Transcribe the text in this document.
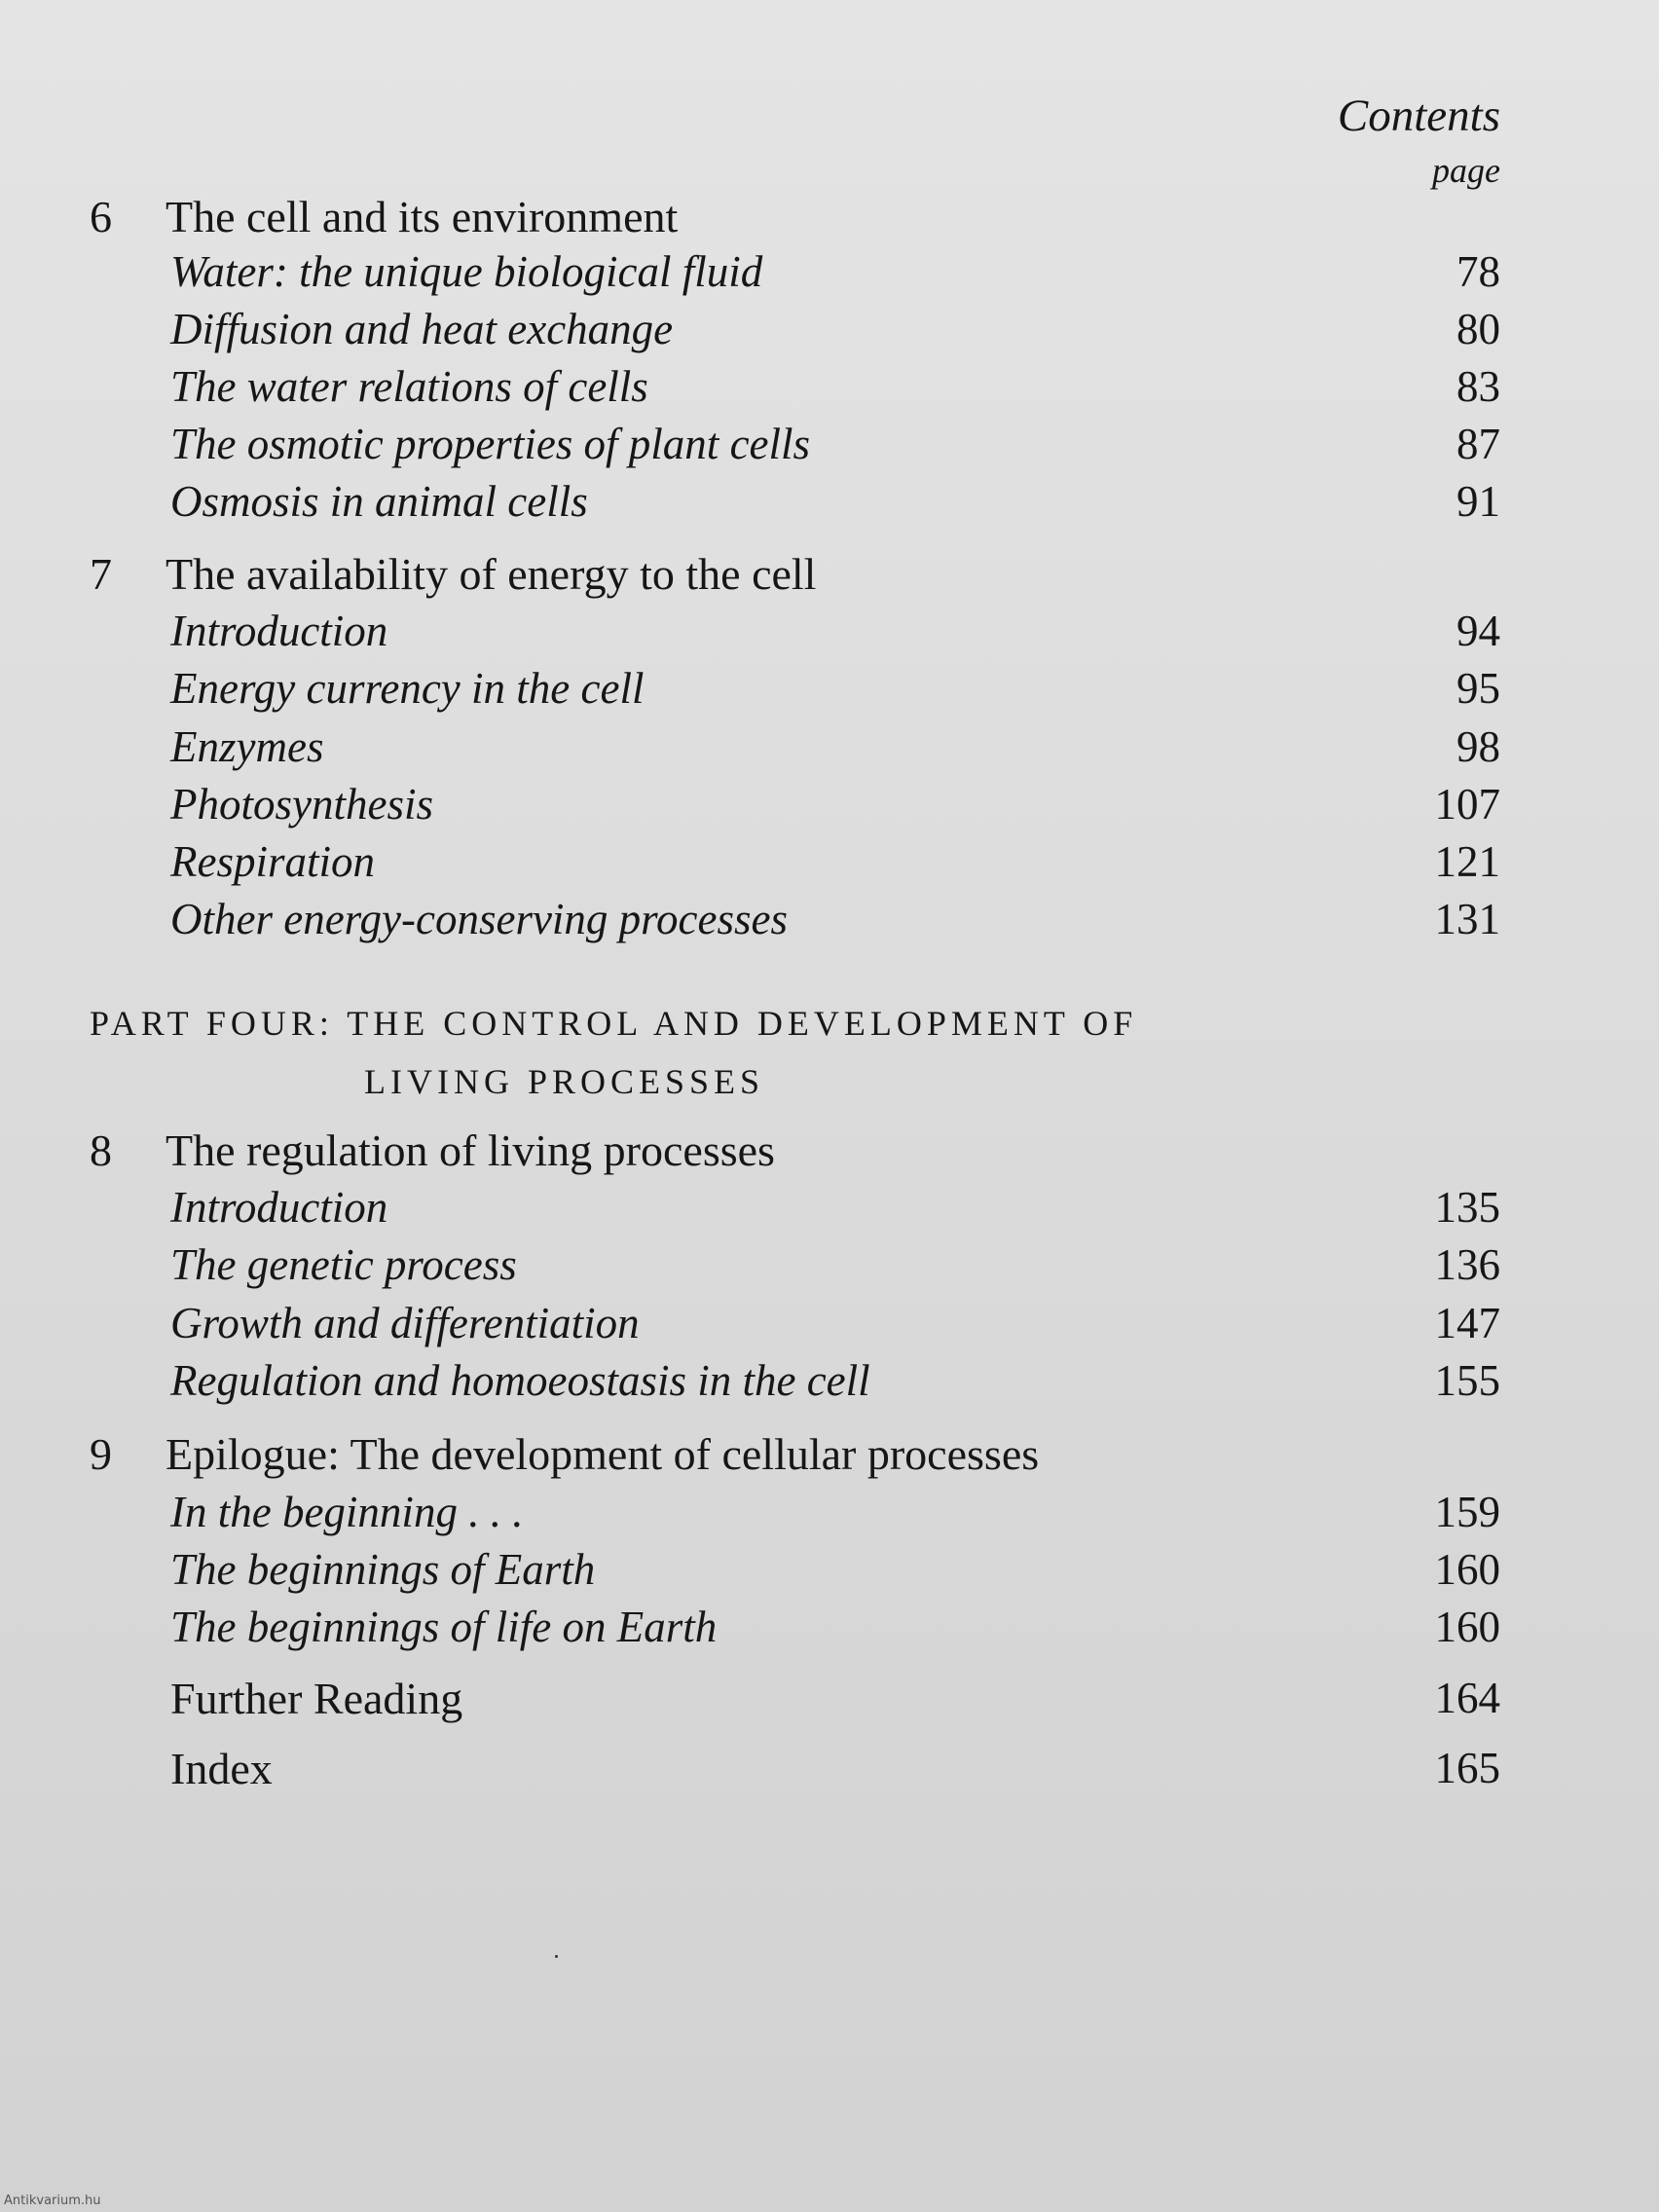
Contents
page
6 The cell and its environment
Water: the unique biological fluid	78
Diffusion and heat exchange	80
The water relations of cells	83
The osmotic properties of plant cells	87
Osmosis in animal cells	91
7 The availability of energy to the cell
Introduction	94
Energy currency in the cell	95
Enzymes	98
Photosynthesis	107
Respiration	121
Other energy-conserving processes	131
PART FOUR: THE CONTROL AND DEVELOPMENT OF
LIVING PROCESSES
8 The regulation of living processes
Introduction	135
The genetic process	136
Growth and differentiation	147
Regulation and homoeostasis in the cell	155
9 Epilogue: The development of cellular processes
In the beginning . . .	159
The beginnings of Earth	160
The beginnings of life on Earth	160
Further Reading	164
Index	165
Antikvarium.hu
